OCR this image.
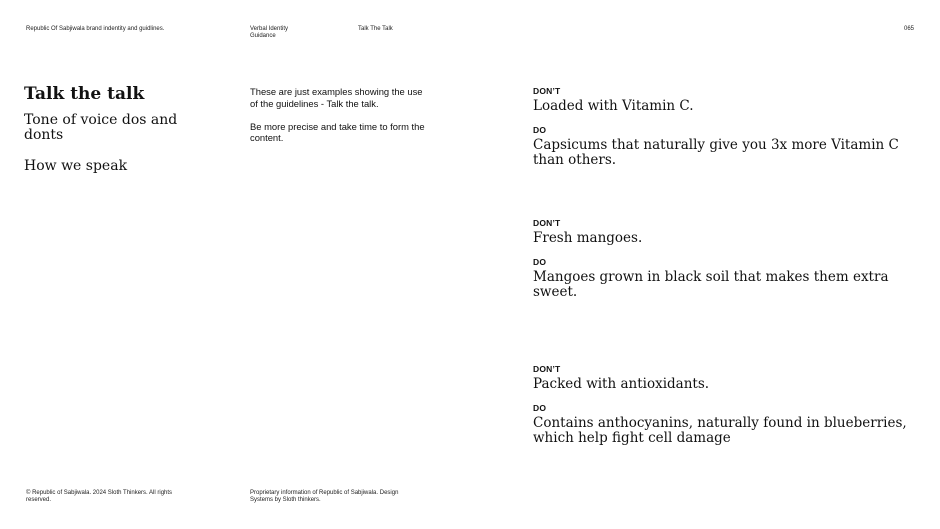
Republic Of Sabjiwala brand indentity and guidlines.	Verbal Identity Guidance
Talk The Talk	065
Talk the talk
Tone of voice dos and donts
How we speak

These are just examples showing the use of the guidelines - Talk the talk.

Be more precise and take time to form the content.

DON’T
Loaded with Vitamin C.
DO
Capsicums that naturally give you 3x more Vitamin C than others.
DON’T
Fresh mangoes.
DO
Mangoes grown in black soil that makes them extra sweet.
DON’T
Packed with antioxidants.
DO
Contains anthocyanins, naturally found in blueberries, which help fight cell damage
© Republic of Sabjiwala. 2024 Sloth Thinkers. All rights reserved.
Proprietary information of Republic of Sabjiwala. Design Systems by Sloth thinkers.
